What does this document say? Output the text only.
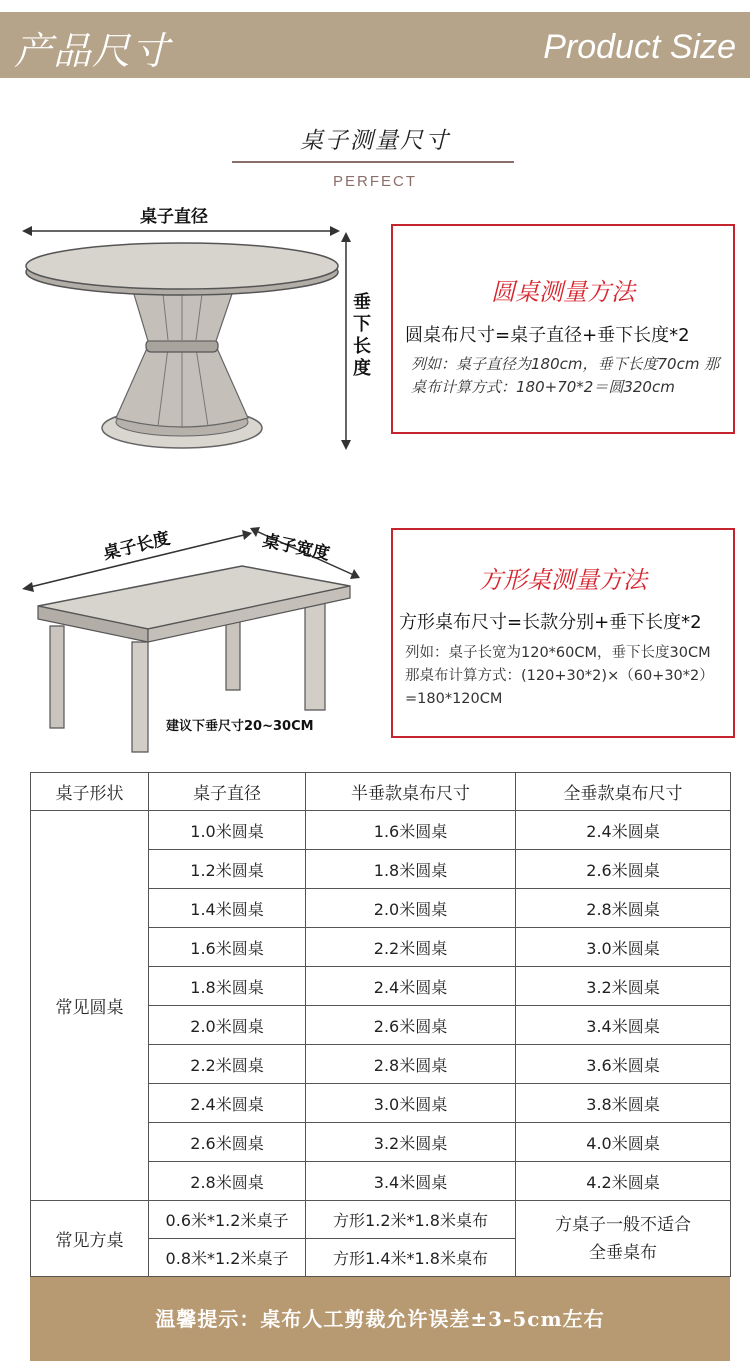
产品尺寸	Product Size
桌子测量尺寸
PERFECT
桌子直径
垂下长度
圆桌测量方法
圆桌布尺寸=桌子直径+垂下长度*2
列如：桌子直径为180cm，垂下长度70cm 那桌布计算方式：180+70*2＝圆320cm
桌子长度	桌子宽度
建议下垂尺寸20~30CM
方形桌测量方法
方形桌布尺寸=长款分别+垂下长度*2
列如：桌子长宽为120*60CM，垂下长度30CM 那桌布计算方式：(120+30*2)×（60+30*2）=180*120CM
桌子形状	桌子直径	半垂款桌布尺寸	全垂款桌布尺寸
常见圆桌	1.0米圆桌	1.6米圆桌	2.4米圆桌
	1.2米圆桌	1.8米圆桌	2.6米圆桌
	1.4米圆桌	2.0米圆桌	2.8米圆桌
	1.6米圆桌	2.2米圆桌	3.0米圆桌
	1.8米圆桌	2.4米圆桌	3.2米圆桌
	2.0米圆桌	2.6米圆桌	3.4米圆桌
	2.2米圆桌	2.8米圆桌	3.6米圆桌
	2.4米圆桌	3.0米圆桌	3.8米圆桌
	2.6米圆桌	3.2米圆桌	4.0米圆桌
	2.8米圆桌	3.4米圆桌	4.2米圆桌
常见方桌	0.6米*1.2米桌子	方形1.2米*1.8米桌布	方桌子一般不适合全垂桌布
	0.8米*1.2米桌子	方形1.4米*1.8米桌布	
温馨提示：桌布人工剪裁允许误差±3-5cm左右
